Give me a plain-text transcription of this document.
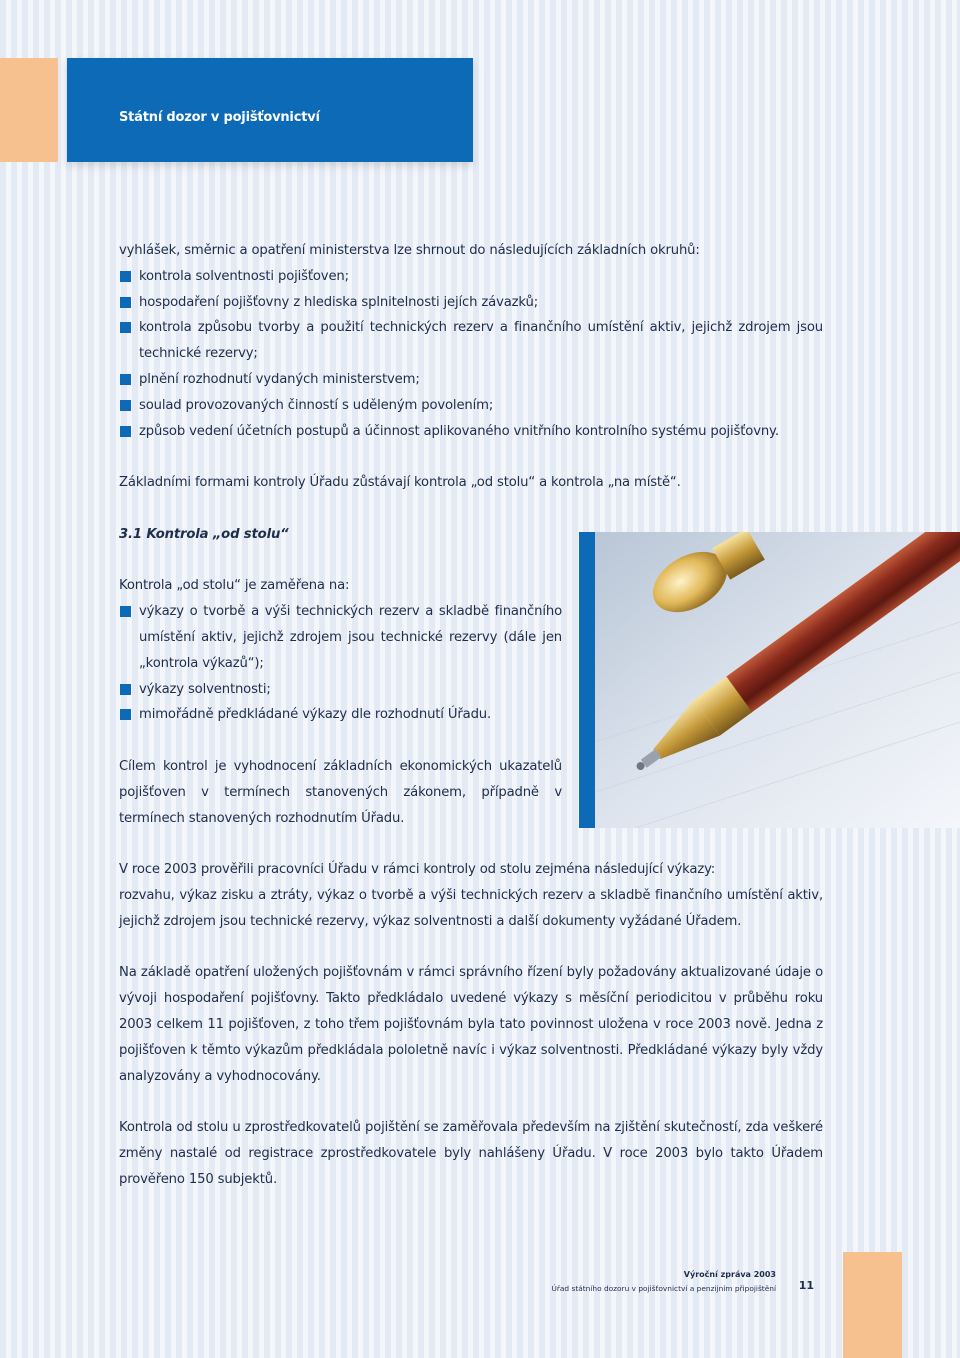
Státní dozor v pojišťovnictví

vyhlášek, směrnic a opatření ministerstva lze shrnout do následujících základních okruhů:

kontrola solventnosti pojišťoven;
hospodaření pojišťovny z hlediska splnitelnosti jejích závazků;
kontrola způsobu tvorby a použití technických rezerv a finančního umístění aktiv, jejichž zdrojem jsou technické rezervy;
plnění rozhodnutí vydaných ministerstvem;
soulad provozovaných činností s uděleným povolením;
způsob vedení účetních postupů a účinnost aplikovaného vnitřního kontrolního systému pojišťovny.

Základními formami kontroly Úřadu zůstávají kontrola „od stolu“ a kontrola „na místě“.

3.1 Kontrola „od stolu“

Kontrola „od stolu“ je zaměřena na:

výkazy o tvorbě a výši technických rezerv a skladbě finančního umístění aktiv, jejichž zdrojem jsou technické rezervy (dále jen „kontrola výkazů“);
výkazy solventnosti;
mimořádně předkládané výkazy dle rozhodnutí Úřadu.

Cílem kontrol je vyhodnocení základních ekonomických ukazatelů pojišťoven v termínech stanovených zákonem, případně v termínech stanovených rozhodnutím Úřadu.

V roce 2003 prověřili pracovníci Úřadu v rámci kontroly od stolu zejména následující výkazy:

rozvahu, výkaz zisku a ztráty, výkaz o tvorbě a výši technických rezerv a skladbě finančního umístění aktiv, jejichž zdrojem jsou technické rezervy, výkaz solventnosti a další dokumenty vyžádané Úřadem.

Na základě opatření uložených pojišťovnám v rámci správního řízení byly požadovány aktualizované údaje o vývoji hospodaření pojišťovny. Takto předkládalo uvedené výkazy s měsíční periodicitou v průběhu roku 2003 celkem 11 pojišťoven, z toho třem pojišťovnám byla tato povinnost uložena v roce 2003 nově. Jedna z pojišťoven k těmto výkazům předkládala pololetně navíc i výkaz solventnosti. Předkládané výkazy byly vždy analyzovány a vyhodnocovány.

Kontrola od stolu u zprostředkovatelů pojištění se zaměřovala především na zjištění skutečností, zda veškeré změny nastalé od registrace zprostředkovatele byly nahlášeny Úřadu. V roce 2003 bylo takto Úřadem prověřeno 150 subjektů.

Výroční zpráva 2003
Úřad státního dozoru v pojišťovnictví a penzijním připojištění 11
